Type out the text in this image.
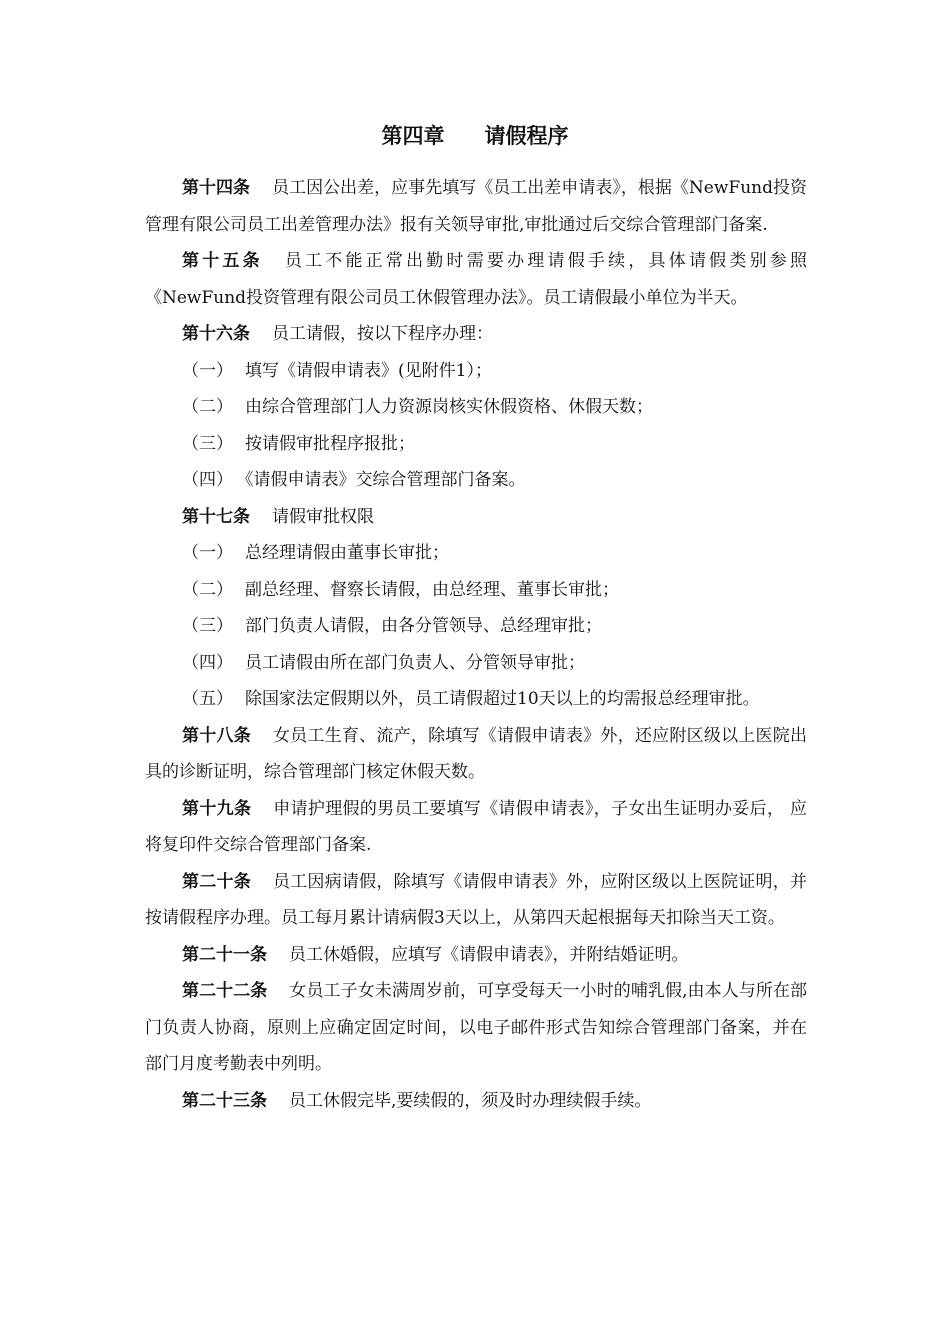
第四章 请假程序

第十四条 员工因公出差，应事先填写《员工出差申请表》，根据《NewFund投资管理有限公司员工出差管理办法》报有关领导审批,审批通过后交综合管理部门备案.

第十五条 员工不能正常出勤时需要办理请假手续，具体请假类别参照《NewFund投资管理有限公司员工休假管理办法》。员工请假最小单位为半天。

第十六条 员工请假，按以下程序办理：

（一） 填写《请假申请表》(见附件1）；

（二） 由综合管理部门人力资源岗核实休假资格、休假天数；

（三） 按请假审批程序报批；

（四） 《请假申请表》交综合管理部门备案。

第十七条 请假审批权限

（一） 总经理请假由董事长审批；

（二） 副总经理、督察长请假，由总经理、董事长审批；

（三） 部门负责人请假，由各分管领导、总经理审批；

（四） 员工请假由所在部门负责人、分管领导审批；

（五） 除国家法定假期以外，员工请假超过10天以上的均需报总经理审批。

第十八条 女员工生育、流产，除填写《请假申请表》外，还应附区级以上医院出具的诊断证明，综合管理部门核定休假天数。

第十九条 申请护理假的男员工要填写《请假申请表》，子女出生证明办妥后， 应将复印件交综合管理部门备案.

第二十条 员工因病请假，除填写《请假申请表》外，应附区级以上医院证明，并按请假程序办理。员工每月累计请病假3天以上，从第四天起根据每天扣除当天工资。

第二十一条 员工休婚假，应填写《请假申请表》，并附结婚证明。

第二十二条 女员工子女未满周岁前，可享受每天一小时的哺乳假,由本人与所在部门负责人协商，原则上应确定固定时间，以电子邮件形式告知综合管理部门备案，并在部门月度考勤表中列明。

第二十三条 员工休假完毕,要续假的，须及时办理续假手续。
